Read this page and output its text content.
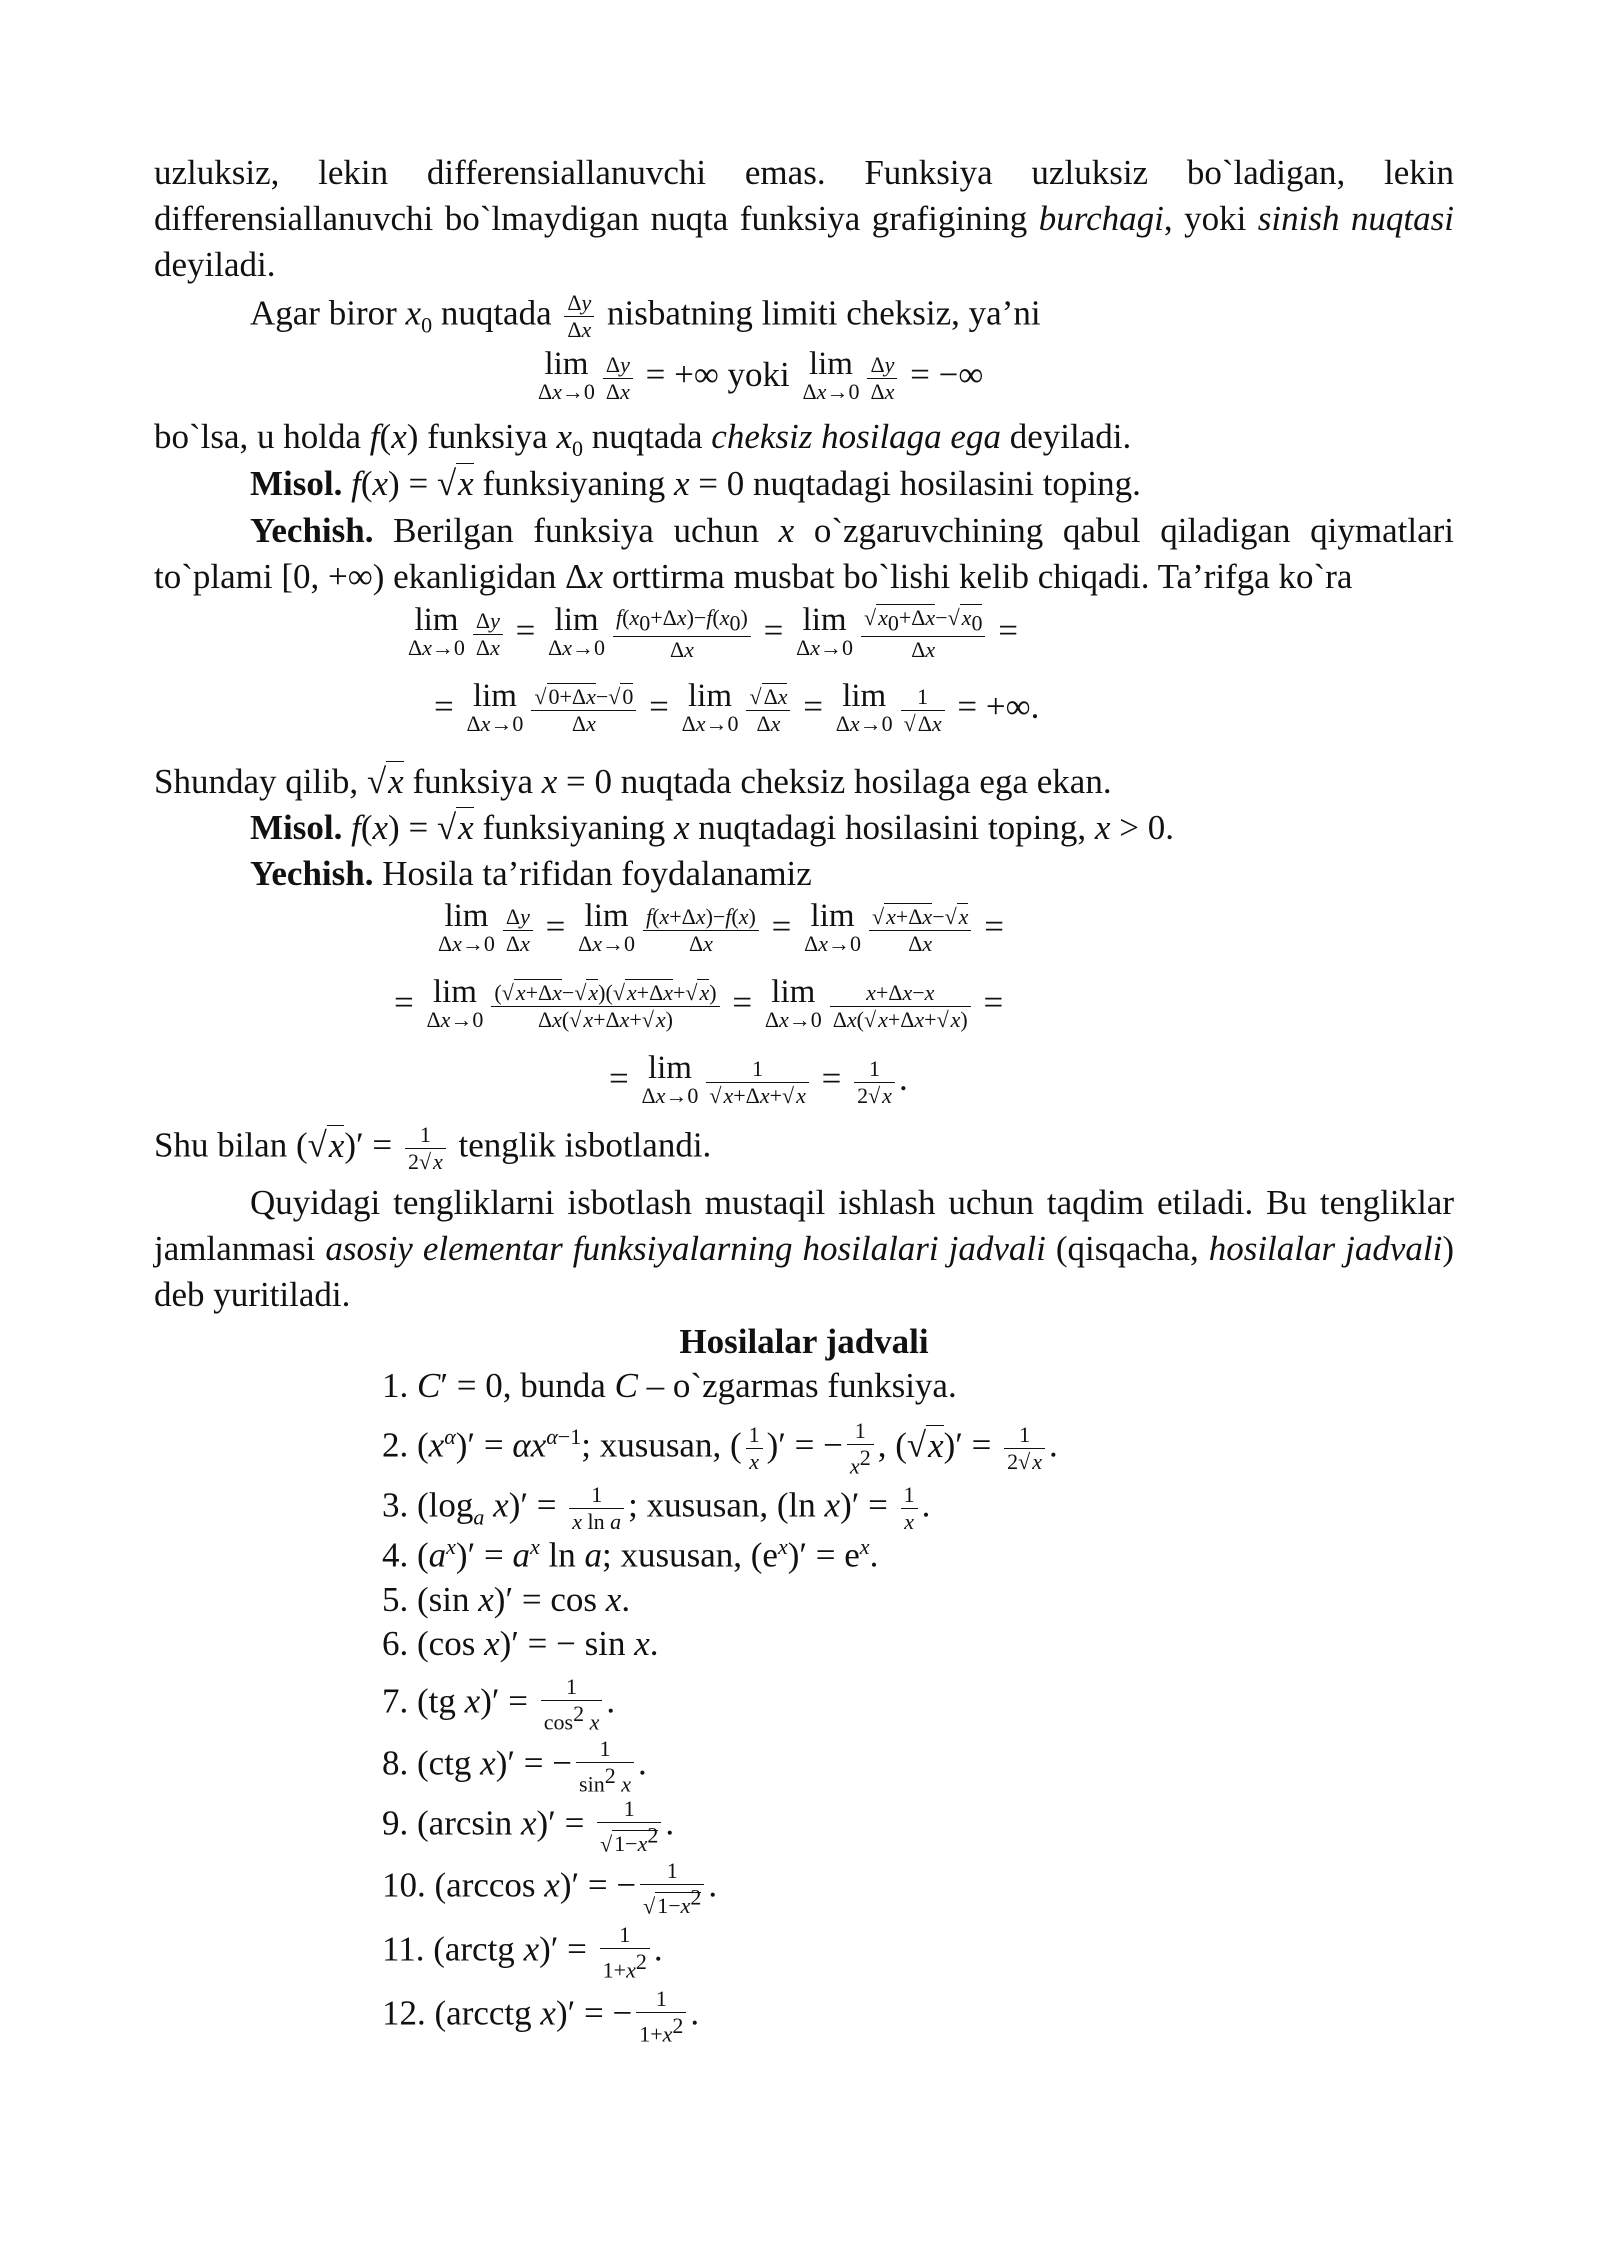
uzluksiz, lekin differensiallanuvchi emas. Funksiya uzluksiz bo`ladigan, lekin differensiallanuvchi bo`lmaydigan nuqta funksiya grafigining burchagi, yoki sinish nuqtasi deyiladi.

Agar biror $x_0$ nuqtada $\frac{\Delta y}{\Delta x}$ nisbatning limiti cheksiz, ya’ni
lim
$\Delta x\to 0 \frac{\Delta y}{\Delta x}$ = +∞ yoki lim
$\Delta x\to 0 \frac{\Delta y}{\Delta x}$ = −∞
bo`lsa, u holda f(x) funksiya $x_0$ nuqtada cheksiz hosilaga ega deyiladi.
Misol. f(x) = √x funksiyaning x = 0 nuqtadagi hosilasini toping.

Yechish. Berilgan funksiya uchun x o`zgaruvchining qabul qiladigan qiymatlari to`plami [0, +∞) ekanligidan Δx orttirma musbat bo`lishi kelib chiqadi. Ta’rifga ko`ra

lim
$\Delta x\to 0 \frac{\Delta y}{\Delta x} = \lim$
$\Delta x\to 0 \frac{f(x_0+\Delta x)-f(x_0)}{\Delta x} = \lim$
$\Delta x\to 0 \frac{√x_0+\Delta x-√x_0}{\Delta x}$ =
= lim
$\Delta x\to 0 \frac{√0+\Delta x-√0}{\Delta x} = \lim$
$\Delta x\to 0 \frac{√\Delta x}{\Delta x} = \lim$
$\Delta x\to 0 \frac{1}{√\Delta x}$ = +∞.
Shunday qilib, √x funksiya x = 0 nuqtada cheksiz hosilaga ega ekan.
Misol. f(x) = √x funksiyaning x nuqtadagi hosilasini toping, x > 0.
Yechish. Hosila ta’rifidan foydalanamiz
lim
$\Delta x\to 0 \frac{\Delta y}{\Delta x} = \lim$
$\Delta x\to 0 \frac{f(x+\Delta x)-f(x)}{\Delta x} = \lim$
$\Delta x\to 0 \frac{√x+\Delta x-√x}{\Delta x}$ =
= lim
$\Delta x\to 0 \frac{(√x+\Delta x-√x)(√x+\Delta x+√x)}{\Delta x(√x+\Delta x+√x)} = \lim$
$\Delta x\to 0 \frac{x+\Delta x-x}{\Delta x(√x+\Delta x+√x)}$ =
= lim
$\Delta x\to 0 \frac{1}{√x+\Delta x+√x} = \frac{1}{2√x}$ .
Shu bilan $(√x)' = \frac{1}{2√x}$ tenglik isbotlandi.

Quyidagi tengliklarni isbotlash mustaqil ishlash uchun taqdim etiladi. Bu tengliklar jamlanmasi asosiy elementar funksiyalarning hosilalari jadvali (qisqacha, hosilalar jadvali) deb yuritiladi.

Hosilalar jadvali
1. C′ = 0, bunda C – o`zgarmas funksiya.
2. $(x^\alpha)' = \alpha x^{\alpha-1}$; xususan, ( $\frac{1}{x}$ )′ = − $\frac{1}{x^2}$ , $(√x)' = \frac{1}{2√x}$ .
3. ($\log_a$ $x)' = \frac{1}{\text{x ln a}}$ ; xususan, (ln $x)' = \frac{1}{x}$ .
4. $(a^x)' = a^x$ ln a; xususan, $(e^x)' = e^x$.
5. (sin x)′ = cos x.
6. (cos x)′ = − sin x.
7. (tg $x)' = \frac{1}{\cos^2 x}$ .
8. (ctg x)′ = − $\frac{1}{\sin^2 x}$ .
9. (arcsin $x)' = \frac{1}{√1-x^2}$ .
10. (arccos x)′ = − $\frac{1}{√1-x^2}$ .
11. (arctg $x)' = \frac{1}{1+x^2}$ .
12. (arcctg x)′ = − $\frac{1}{1+x^2}$ .
